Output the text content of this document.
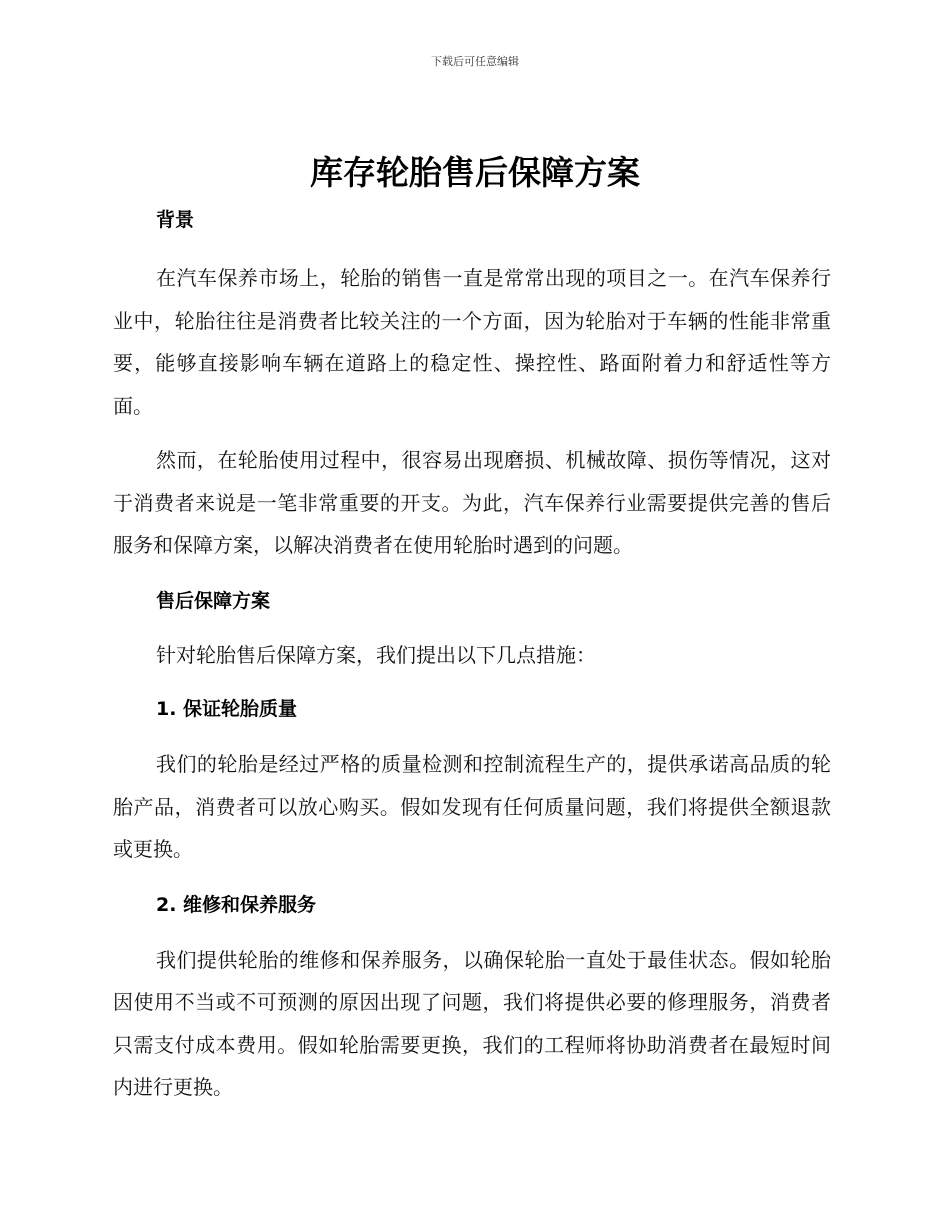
下载后可任意编辑
库存轮胎售后保障方案
背景

在汽车保养市场上，轮胎的销售一直是常常出现的项目之一。在汽车保养行业中，轮胎往往是消费者比较关注的一个方面，因为轮胎对于车辆的性能非常重要，能够直接影响车辆在道路上的稳定性、操控性、路面附着力和舒适性等方面。

然而，在轮胎使用过程中，很容易出现磨损、机械故障、损伤等情况，这对于消费者来说是一笔非常重要的开支。为此，汽车保养行业需要提供完善的售后服务和保障方案，以解决消费者在使用轮胎时遇到的问题。

售后保障方案

针对轮胎售后保障方案，我们提出以下几点措施：

1. 保证轮胎质量

我们的轮胎是经过严格的质量检测和控制流程生产的，提供承诺高品质的轮胎产品，消费者可以放心购买。假如发现有任何质量问题，我们将提供全额退款或更换。

2. 维修和保养服务

我们提供轮胎的维修和保养服务，以确保轮胎一直处于最佳状态。假如轮胎因使用不当或不可预测的原因出现了问题，我们将提供必要的修理服务，消费者只需支付成本费用。假如轮胎需要更换，我们的工程师将协助消费者在最短时间内进行更换。
